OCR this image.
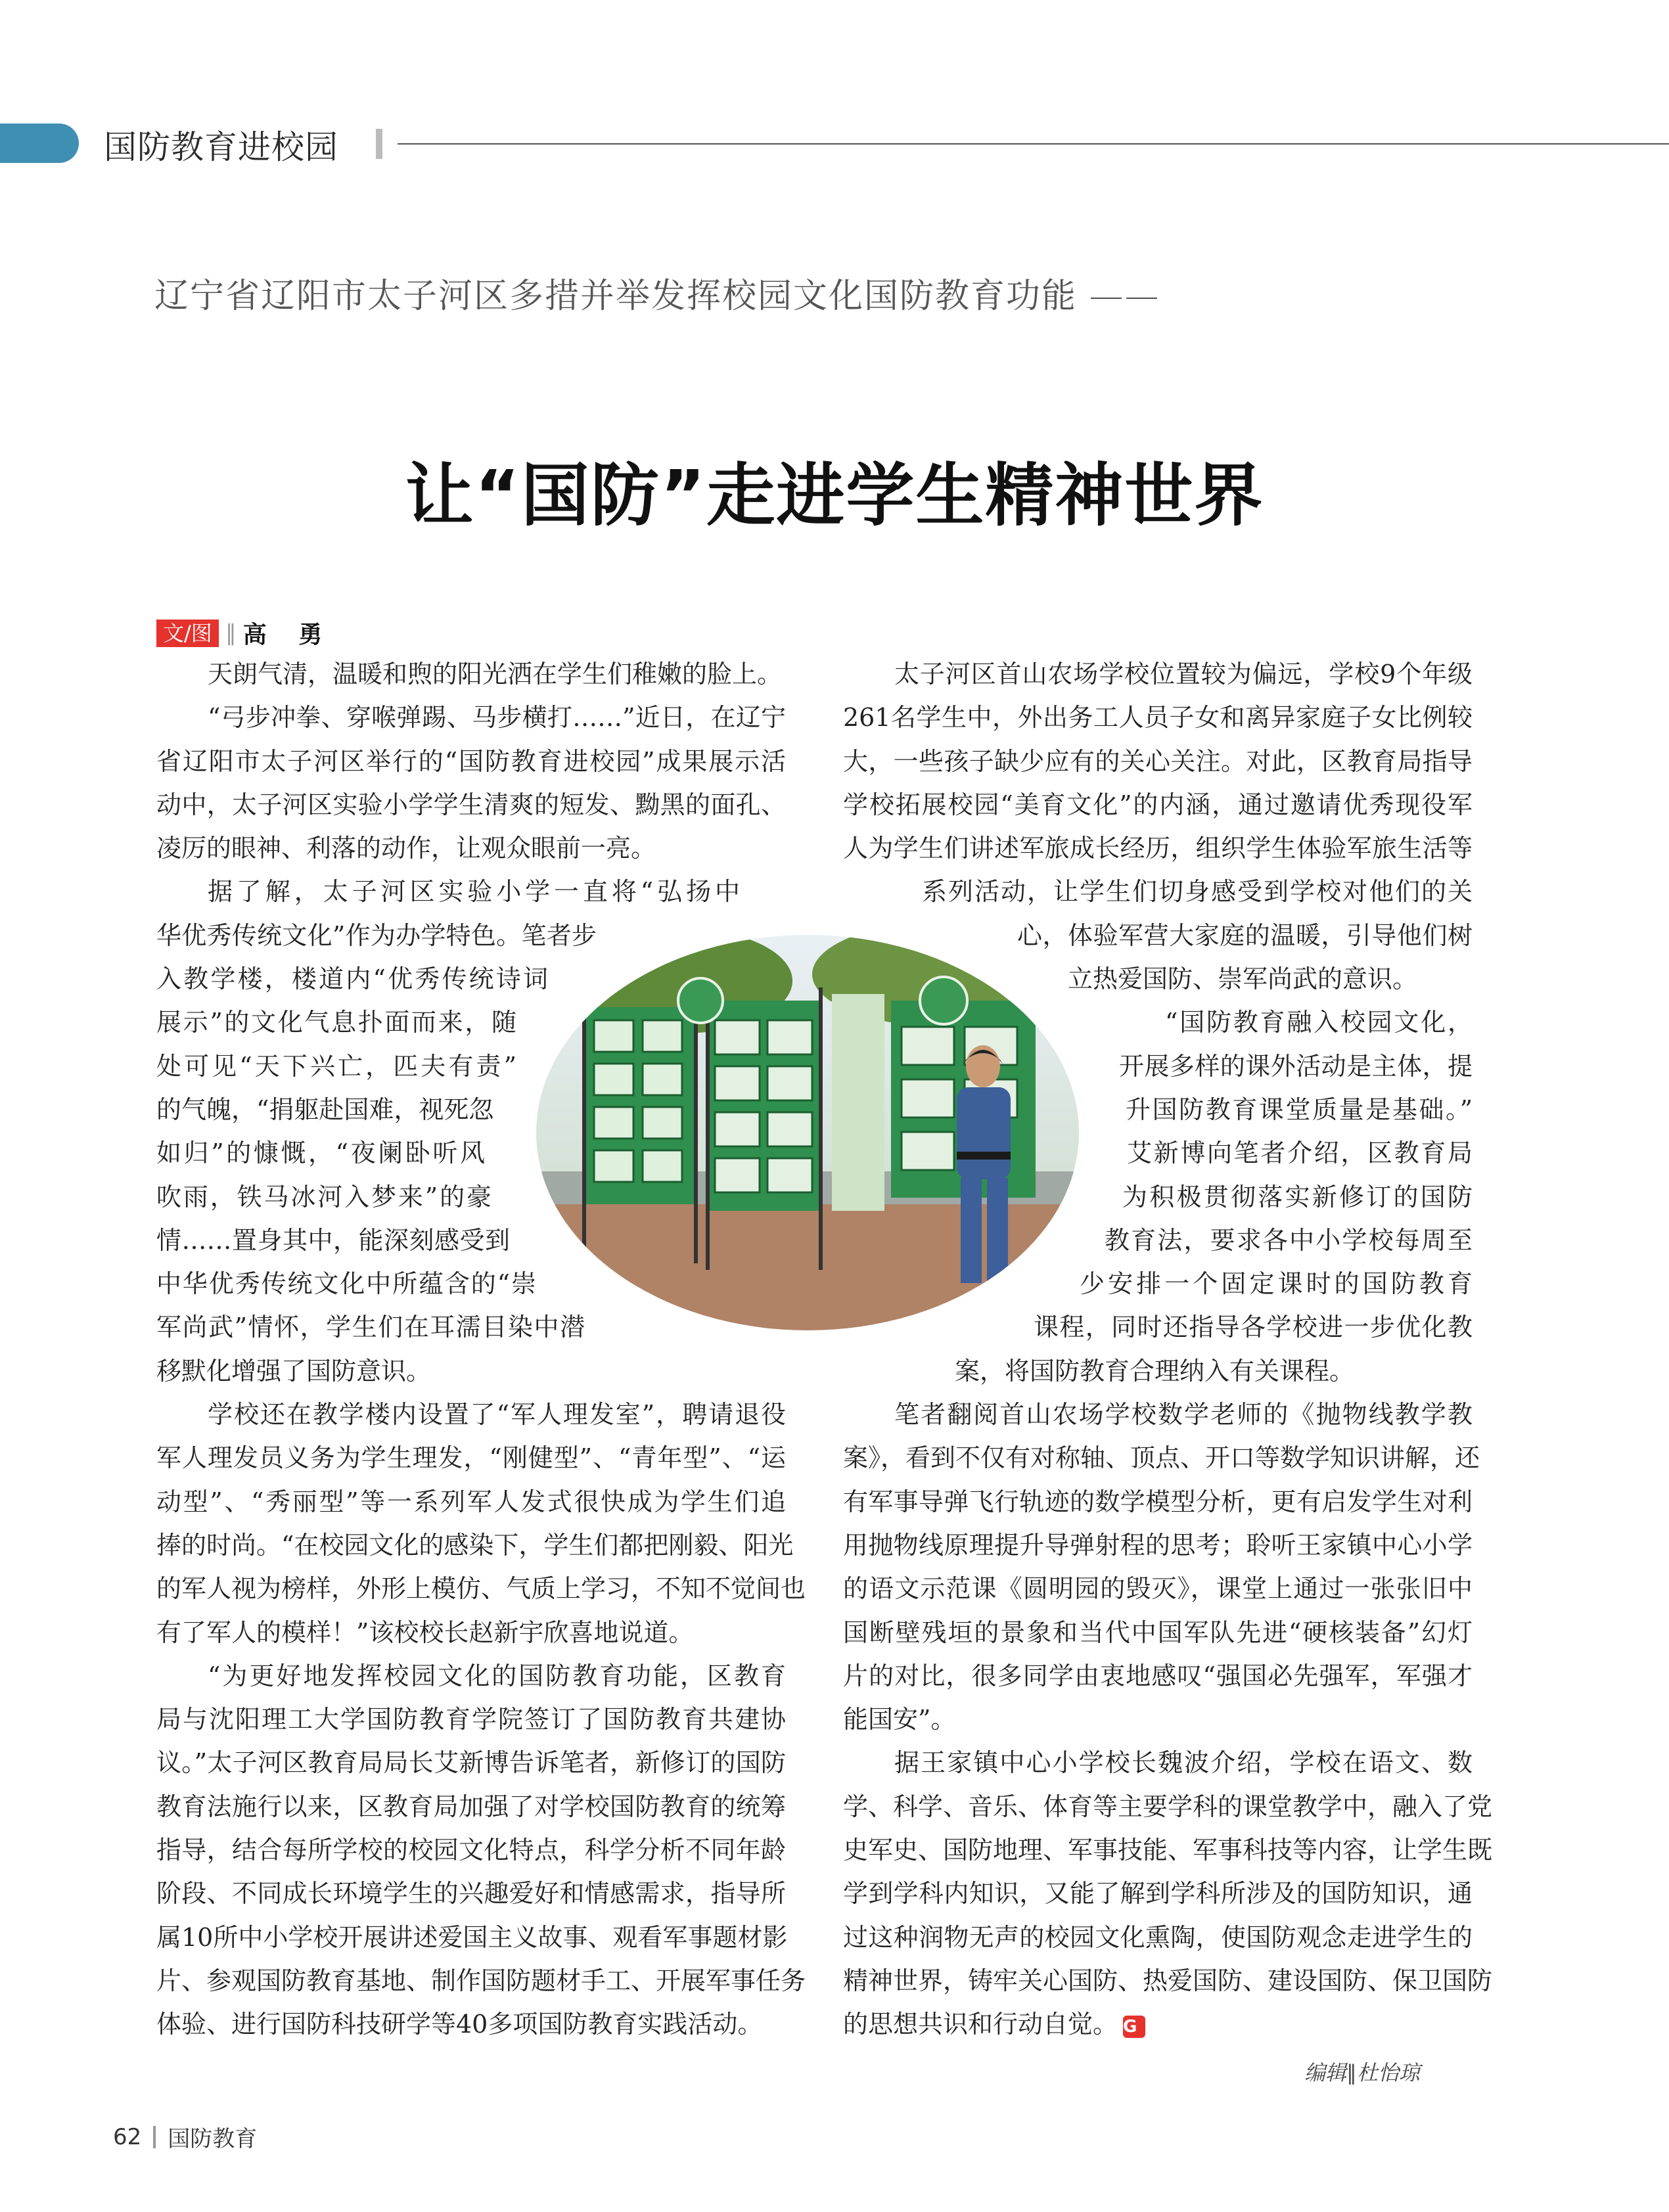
国防教育进校园
辽宁省辽阳市太子河区多措并举发挥校园文化国防教育功能 ——
让“国防”走进学生精神世界
文/图 ∥ 高 勇

天朗气清，温暖和煦的阳光洒在学生们稚嫩的脸上。

“弓步冲拳、穿喉弹踢、马步横打……”近日，在辽宁

省辽阳市太子河区举行的“国防教育进校园”成果展示活

动中，太子河区实验小学学生清爽的短发、黝黑的面孔、

凌厉的眼神、利落的动作，让观众眼前一亮。

据了解，太子河区实验小学一直将“弘扬中

华优秀传统文化”作为办学特色。笔者步

入教学楼，楼道内“优秀传统诗词

展示”的文化气息扑面而来，随

处可见“天下兴亡，匹夫有责”

的气魄，“捐躯赴国难，视死忽

如归”的慷慨，“夜阑卧听风

吹雨，铁马冰河入梦来”的豪

情……置身其中，能深刻感受到

中华优秀传统文化中所蕴含的“崇

军尚武”情怀，学生们在耳濡目染中潜

移默化增强了国防意识。

学校还在教学楼内设置了“军人理发室”，聘请退役

军人理发员义务为学生理发，“刚健型”、“青年型”、“运

动型”、“秀丽型”等一系列军人发式很快成为学生们追

捧的时尚。“在校园文化的感染下，学生们都把刚毅、阳光

的军人视为榜样，外形上模仿、气质上学习，不知不觉间也

有了军人的模样！”该校校长赵新宇欣喜地说道。

“为更好地发挥校园文化的国防教育功能，区教育

局与沈阳理工大学国防教育学院签订了国防教育共建协

议。”太子河区教育局局长艾新博告诉笔者，新修订的国防

教育法施行以来，区教育局加强了对学校国防教育的统筹

指导，结合每所学校的校园文化特点，科学分析不同年龄

阶段、不同成长环境学生的兴趣爱好和情感需求，指导所

属10所中小学校开展讲述爱国主义故事、观看军事题材影

片、参观国防教育基地、制作国防题材手工、开展军事任务

体验、进行国防科技研学等40多项国防教育实践活动。

太子河区首山农场学校位置较为偏远，学校9个年级

261名学生中，外出务工人员子女和离异家庭子女比例较

大，一些孩子缺少应有的关心关注。对此，区教育局指导

学校拓展校园“美育文化”的内涵，通过邀请优秀现役军

人为学生们讲述军旅成长经历，组织学生体验军旅生活等

系列活动，让学生们切身感受到学校对他们的关

心，体验军营大家庭的温暖，引导他们树

立热爱国防、崇军尚武的意识。

“国防教育融入校园文化，

开展多样的课外活动是主体，提

升国防教育课堂质量是基础。”

艾新博向笔者介绍，区教育局

为积极贯彻落实新修订的国防

教育法，要求各中小学校每周至

少安排一个固定课时的国防教育

课程，同时还指导各学校进一步优化教

案，将国防教育合理纳入有关课程。

笔者翻阅首山农场学校数学老师的《抛物线教学教

案》，看到不仅有对称轴、顶点、开口等数学知识讲解，还

有军事导弹飞行轨迹的数学模型分析，更有启发学生对利

用抛物线原理提升导弹射程的思考；聆听王家镇中心小学

的语文示范课《圆明园的毁灭》，课堂上通过一张张旧中

国断壁残垣的景象和当代中国军队先进“硬核装备”幻灯

片的对比，很多同学由衷地感叹“强国必先强军，军强才

能国安”。

据王家镇中心小学校长魏波介绍，学校在语文、数

学、科学、音乐、体育等主要学科的课堂教学中，融入了党

史军史、国防地理、军事技能、军事科技等内容，让学生既

学到学科内知识，又能了解到学科所涉及的国防知识，通

过这种润物无声的校园文化熏陶，使国防观念走进学生的

精神世界，铸牢关心国防、热爱国防、建设国防、保卫国防

的思想共识和行动自觉。 G

编辑∥杜怡琼
62 国防教育
